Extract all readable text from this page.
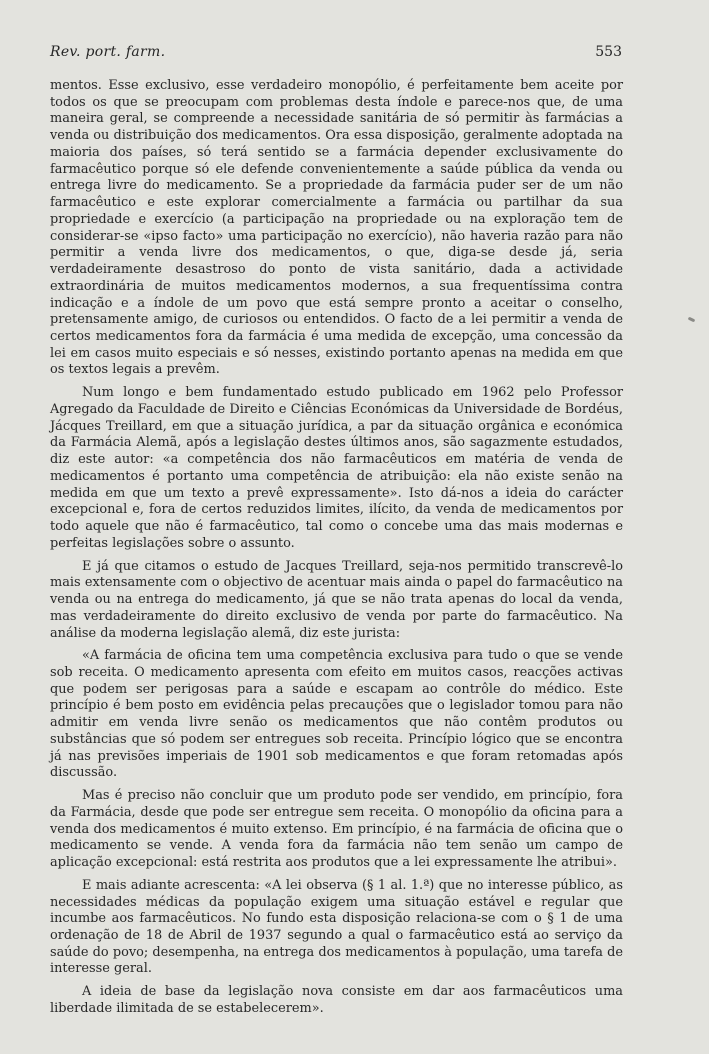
Rev. port. farm.	553

mentos. Esse exclusivo, esse verdadeiro monopólio, é perfeitamente bem aceite por todos os que se preocupam com problemas desta índole e parece-nos que, de uma maneira geral, se compreende a necessidade sanitária de só permitir às farmácias a venda ou distribuição dos medicamentos. Ora essa disposição, geralmente adoptada na maioria dos países, só terá sentido se a farmácia depender exclusivamente do farmacêutico porque só ele defende convenientemente a saúde pública da venda ou entrega livre do medicamento. Se a propriedade da farmácia puder ser de um não farmacêutico e este explorar comercialmente a farmácia ou partilhar da sua propriedade e exercício (a participação na propriedade ou na exploração tem de considerar-se «ipso facto» uma participação no exercício), não haveria razão para não permitir a venda livre dos medicamentos, o que, diga-se desde já, seria verdadeiramente desastroso do ponto de vista sanitário, dada a actividade extraordinária de muitos medicamentos modernos, a sua frequentíssima contra indicação e a índole de um povo que está sempre pronto a aceitar o conselho, pretensamente amigo, de curiosos ou entendidos. O facto de a lei permitir a venda de certos medicamentos fora da farmácia é uma medida de excepção, uma concessão da lei em casos muito especiais e só nesses, existindo portanto apenas na medida em que os textos legais a prevêm.

Num longo e bem fundamentado estudo publicado em 1962 pelo Professor Agregado da Faculdade de Direito e Ciências Económicas da Universidade de Bordéus, Jácques Treillard, em que a situação jurídica, a par da situação orgânica e económica da Farmácia Alemã, após a legislação destes últimos anos, são sagazmente estudados, diz este autor: «a competência dos não farmacêuticos em matéria de venda de medicamentos é portanto uma competência de atribuição: ela não existe senão na medida em que um texto a prevê expressamente». Isto dá-nos a ideia do carácter excepcional e, fora de certos reduzidos limites, ilícito, da venda de medicamentos por todo aquele que não é farmacêutico, tal como o concebe uma das mais modernas e perfeitas legislações sobre o assunto.

E já que citamos o estudo de Jacques Treillard, seja-nos permitido transcrevê-lo mais extensamente com o objectivo de acentuar mais ainda o papel do farmacêutico na venda ou na entrega do medicamento, já que se não trata apenas do local da venda, mas verdadeiramente do direito exclusivo de venda por parte do farmacêutico. Na análise da moderna legislação alemã, diz este jurista:

«A farmácia de oficina tem uma competência exclusiva para tudo o que se vende sob receita. O medicamento apresenta com efeito em muitos casos, reacções activas que podem ser perigosas para a saúde e escapam ao contrôle do médico. Este princípio é bem posto em evidência pelas precauções que o legislador tomou para não admitir em venda livre senão os medicamentos que não contêm produtos ou substâncias que só podem ser entregues sob receita. Princípio lógico que se encontra já nas previsões imperiais de 1901 sob medicamentos e que foram retomadas após discussão.

Mas é preciso não concluir que um produto pode ser vendido, em princípio, fora da Farmácia, desde que pode ser entregue sem receita. O monopólio da oficina para a venda dos medicamentos é muito extenso. Em princípio, é na farmácia de oficina que o medicamento se vende. A venda fora da farmácia não tem senão um campo de aplicação excepcional: está restrita aos produtos que a lei expressamente lhe atribui».

E mais adiante acrescenta: «A lei observa (§ 1 al. 1.ª) que no interesse público, as necessidades médicas da população exigem uma situação estável e regular que incumbe aos farmacêuticos. No fundo esta disposição relaciona-se com o § 1 de uma ordenação de 18 de Abril de 1937 segundo a qual o farmacêutico está ao serviço da saúde do povo; desempenha, na entrega dos medicamentos à população, uma tarefa de interesse geral.

A ideia de base da legislação nova consiste em dar aos farmacêuticos uma liberdade ilimitada de se estabelecerem».
